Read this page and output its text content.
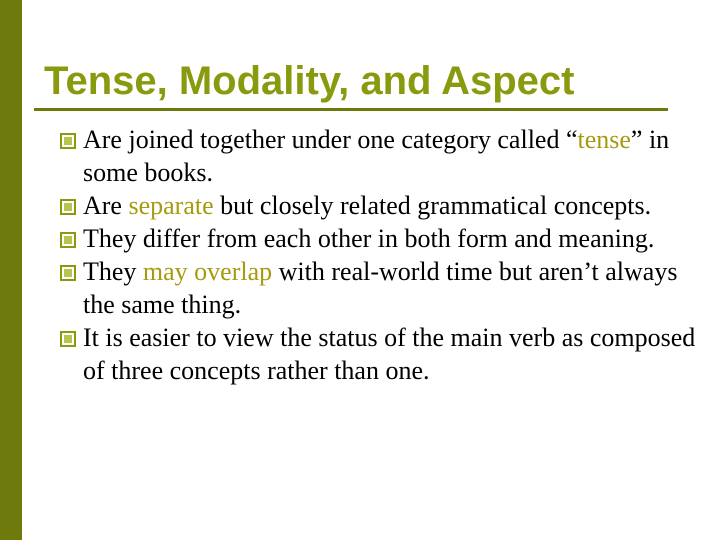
Tense, Modality, and Aspect
Are joined together under one category called “tense” in some books.
Are separate but closely related grammatical concepts.
They differ from each other in both form and meaning.
They may overlap with real-world time but aren’t always the same thing.
It is easier to view the status of the main verb as composed of three concepts rather than one.
